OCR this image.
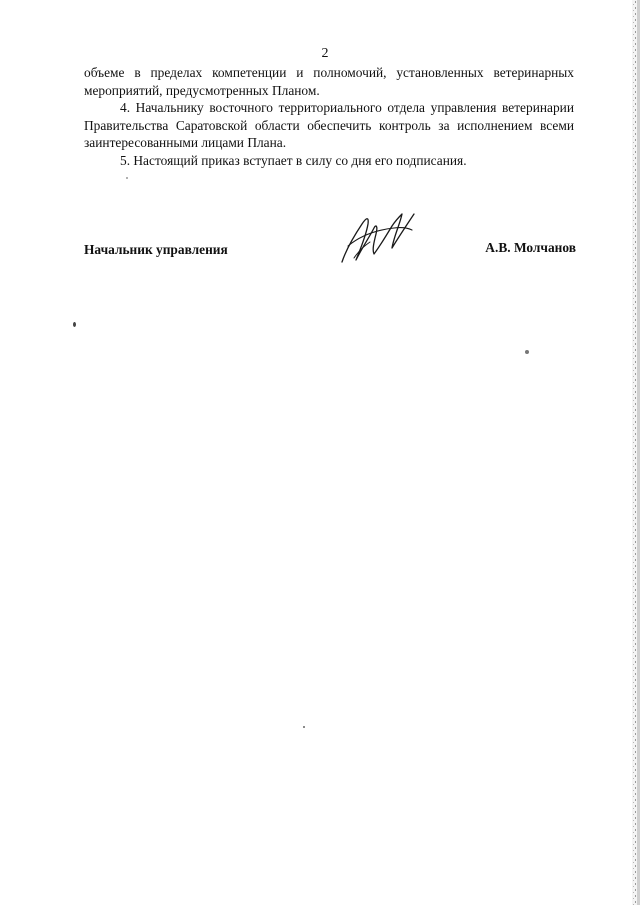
2

объеме в пределах компетенции и полномочий, установленных ветеринарных мероприятий, предусмотренных Планом.

4. Начальнику восточного территориального отдела управления ветеринарии Правительства Саратовской области обеспечить контроль за исполнением всеми заинтересованными лицами Плана.

5. Настоящий приказ вступает в силу со дня его подписания.

Начальник управления	А.В. Молчанов
